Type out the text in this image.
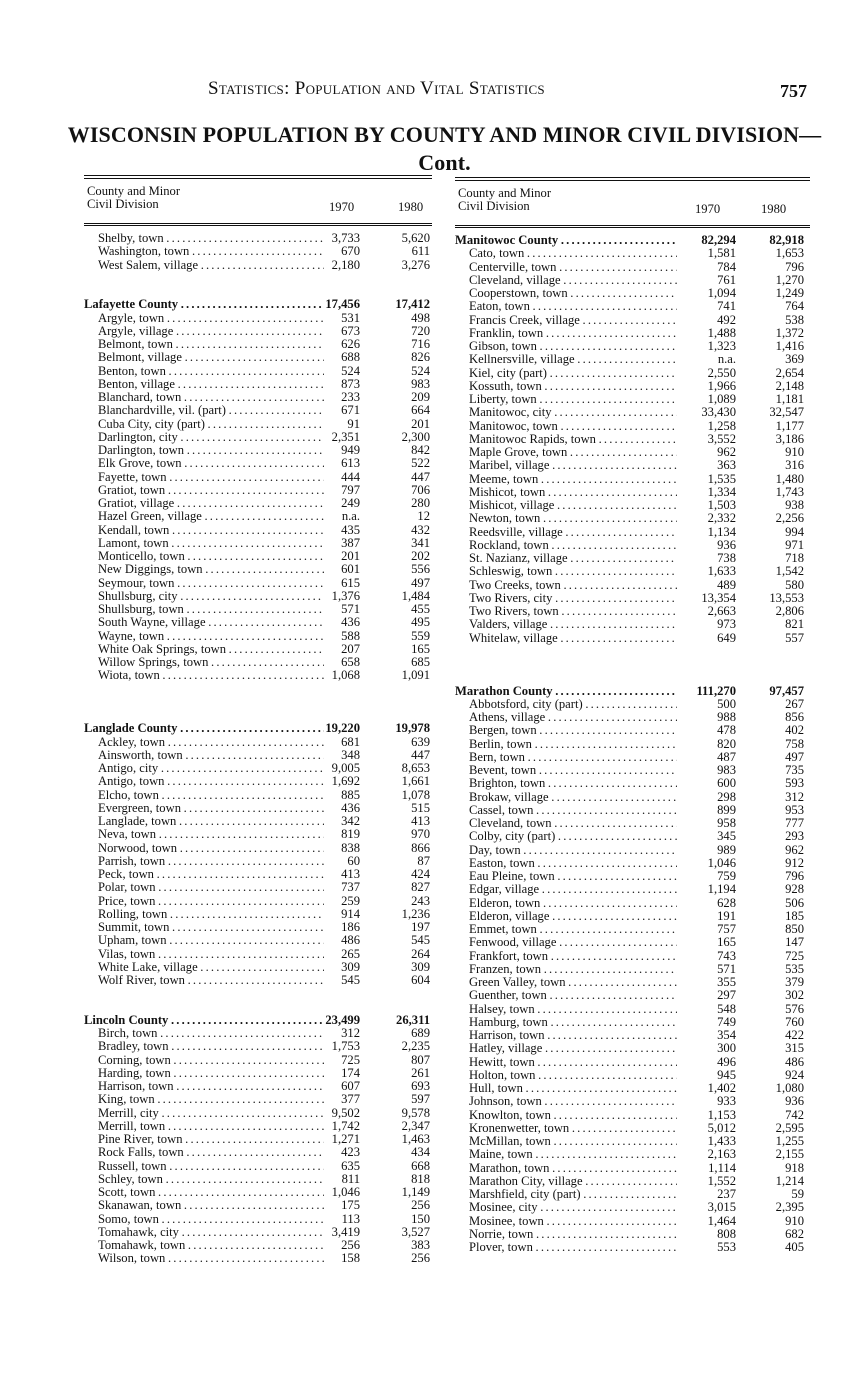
Statistics: Population and Vital Statistics	757
WISCONSIN POPULATION BY COUNTY AND MINOR CIVIL DIVISION—
Cont.
County and Minor
Civil Division	1970	1980
Shelby, town . . .	3,733	5,620
Washington, town . . .	670	611
West Salem, village . . .	2,180	3,276
Lafayette County . . .	17,456	17,412
Argyle, town . . .	531	498
Argyle, village . . .	673	720
Belmont, town . . .	626	716
Belmont, village . . .	688	826
Benton, town . . .	524	524
Benton, village . . .	873	983
Blanchard, town . . .	233	209
Blanchardville, vil. (part) . . .	671	664
Cuba City, city (part) . . .	91	201
Darlington, city . . .	2,351	2,300
Darlington, town . . .	949	842
Elk Grove, town . . .	613	522
Fayette, town . . .	444	447
Gratiot, town . . .	797	706
Gratiot, village . . .	249	280
Hazel Green, village . . .	n.a.	12
Kendall, town . . .	435	432
Lamont, town . . .	387	341
Monticello, town . . .	201	202
New Diggings, town . . .	601	556
Seymour, town . . .	615	497
Shullsburg, city . . .	1,376	1,484
Shullsburg, town . . .	571	455
South Wayne, village . . .	436	495
Wayne, town . . .	588	559
White Oak Springs, town . . .	207	165
Willow Springs, town . . .	658	685
Wiota, town . . .	1,068	1,091
Langlade County . . .	19,220	19,978
Ackley, town . . .	681	639
Ainsworth, town . . .	348	447
Antigo, city . . .	9,005	8,653
Antigo, town . . .	1,692	1,661
Elcho, town . . .	885	1,078
Evergreen, town . . .	436	515
Langlade, town . . .	342	413
Neva, town . . .	819	970
Norwood, town . . .	838	866
Parrish, town . . .	60	87
Peck, town . . .	413	424
Polar, town . . .	737	827
Price, town . . .	259	243
Rolling, town . . .	914	1,236
Summit, town . . .	186	197
Upham, town . . .	486	545
Vilas, town . . .	265	264
White Lake, village . . .	309	309
Wolf River, town . . .	545	604
Lincoln County . . .	23,499	26,311
Birch, town . . .	312	689
Bradley, town . . .	1,753	2,235
Corning, town . . .	725	807
Harding, town . . .	174	261
Harrison, town . . .	607	693
King, town . . .	377	597
Merrill, city . . .	9,502	9,578
Merrill, town . . .	1,742	2,347
Pine River, town . . .	1,271	1,463
Rock Falls, town . . .	423	434
Russell, town . . .	635	668
Schley, town . . .	811	818
Scott, town . . .	1,046	1,149
Skanawan, town . . .	175	256
Somo, town . . .	113	150
Tomahawk, city . . .	3,419	3,527
Tomahawk, town . . .	256	383
Wilson, town . . .	158	256
County and Minor
Civil Division	1970	1980
Manitowoc County . . .	82,294	82,918
Cato, town . . .	1,581	1,653
Centerville, town . . .	784	796
Cleveland, village . . .	761	1,270
Cooperstown, town . . .	1,094	1,249
Eaton, town . . .	741	764
Francis Creek, village . . .	492	538
Franklin, town . . .	1,488	1,372
Gibson, town . . .	1,323	1,416
Kellnersville, village . . .	n.a.	369
Kiel, city (part) . . .	2,550	2,654
Kossuth, town . . .	1,966	2,148
Liberty, town . . .	1,089	1,181
Manitowoc, city . . .	33,430	32,547
Manitowoc, town . . .	1,258	1,177
Manitowoc Rapids, town . . .	3,552	3,186
Maple Grove, town . . .	962	910
Maribel, village . . .	363	316
Meeme, town . . .	1,535	1,480
Mishicot, town . . .	1,334	1,743
Mishicot, village . . .	1,503	938
Newton, town . . .	2,332	2,256
Reedsville, village . . .	1,134	994
Rockland, town . . .	936	971
St. Nazianz, village . . .	738	718
Schleswig, town . . .	1,633	1,542
Two Creeks, town . . .	489	580
Two Rivers, city . . .	13,354	13,553
Two Rivers, town . . .	2,663	2,806
Valders, village . . .	973	821
Whitelaw, village . . .	649	557
Marathon County . . .	111,270	97,457
Abbotsford, city (part) . . .	500	267
Athens, village . . .	988	856
Bergen, town . . .	478	402
Berlin, town . . .	820	758
Bern, town . . .	487	497
Bevent, town . . .	983	735
Brighton, town . . .	600	593
Brokaw, village . . .	298	312
Cassel, town . . .	899	953
Cleveland, town . . .	958	777
Colby, city (part) . . .	345	293
Day, town . . .	989	962
Easton, town . . .	1,046	912
Eau Pleine, town . . .	759	796
Edgar, village . . .	1,194	928
Elderon, town . . .	628	506
Elderon, village . . .	191	185
Emmet, town . . .	757	850
Fenwood, village . . .	165	147
Frankfort, town . . .	743	725
Franzen, town . . .	571	535
Green Valley, town . . .	355	379
Guenther, town . . .	297	302
Halsey, town . . .	548	576
Hamburg, town . . .	749	760
Harrison, town . . .	354	422
Hatley, village . . .	300	315
Hewitt, town . . .	496	486
Holton, town . . .	945	924
Hull, town . . .	1,402	1,080
Johnson, town . . .	933	936
Knowlton, town . . .	1,153	742
Kronenwetter, town . . .	5,012	2,595
McMillan, town . . .	1,433	1,255
Maine, town . . .	2,163	2,155
Marathon, town . . .	1,114	918
Marathon City, village . . .	1,552	1,214
Marshfield, city (part) . . .	237	59
Mosinee, city . . .	3,015	2,395
Mosinee, town . . .	1,464	910
Norrie, town . . .	808	682
Plover, town . . .	553	405
